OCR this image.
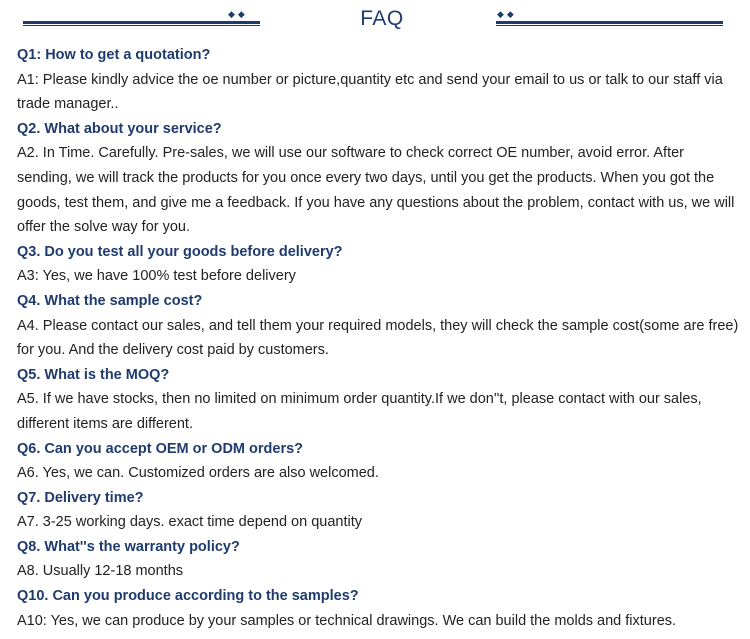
◆◆	FAQ	◆◆

Q1: How to get a quotation?

A1: Please kindly advice the oe number or picture,quantity etc and send your email to us or talk to our staff via trade manager..

Q2. What about your service?

A2. In Time. Carefully. Pre-sales, we will use our software to check correct OE number, avoid error. After sending, we will track the products for you once every two days, until you get the products. When you got the goods, test them, and give me a feedback. If you have any questions about the problem, contact with us, we will offer the solve way for you.

Q3. Do you test all your goods before delivery?

A3: Yes, we have 100% test before delivery

Q4. What the sample cost?

A4. Please contact our sales, and tell them your required models, they will check the sample cost(some are free) for you. And the delivery cost paid by customers.

Q5. What is the MOQ?

A5. If we have stocks, then no limited on minimum order quantity.If we don''t, please contact with our sales, different items are different.

Q6. Can you accept OEM or ODM orders?

A6. Yes, we can. Customized orders are also welcomed.

Q7. Delivery time?

A7. 3-25 working days. exact time depend on quantity

Q8. What''s the warranty policy?

A8. Usually 12-18 months

Q10. Can you produce according to the samples?

A10: Yes, we can produce by your samples or technical drawings. We can build the molds and fixtures.
